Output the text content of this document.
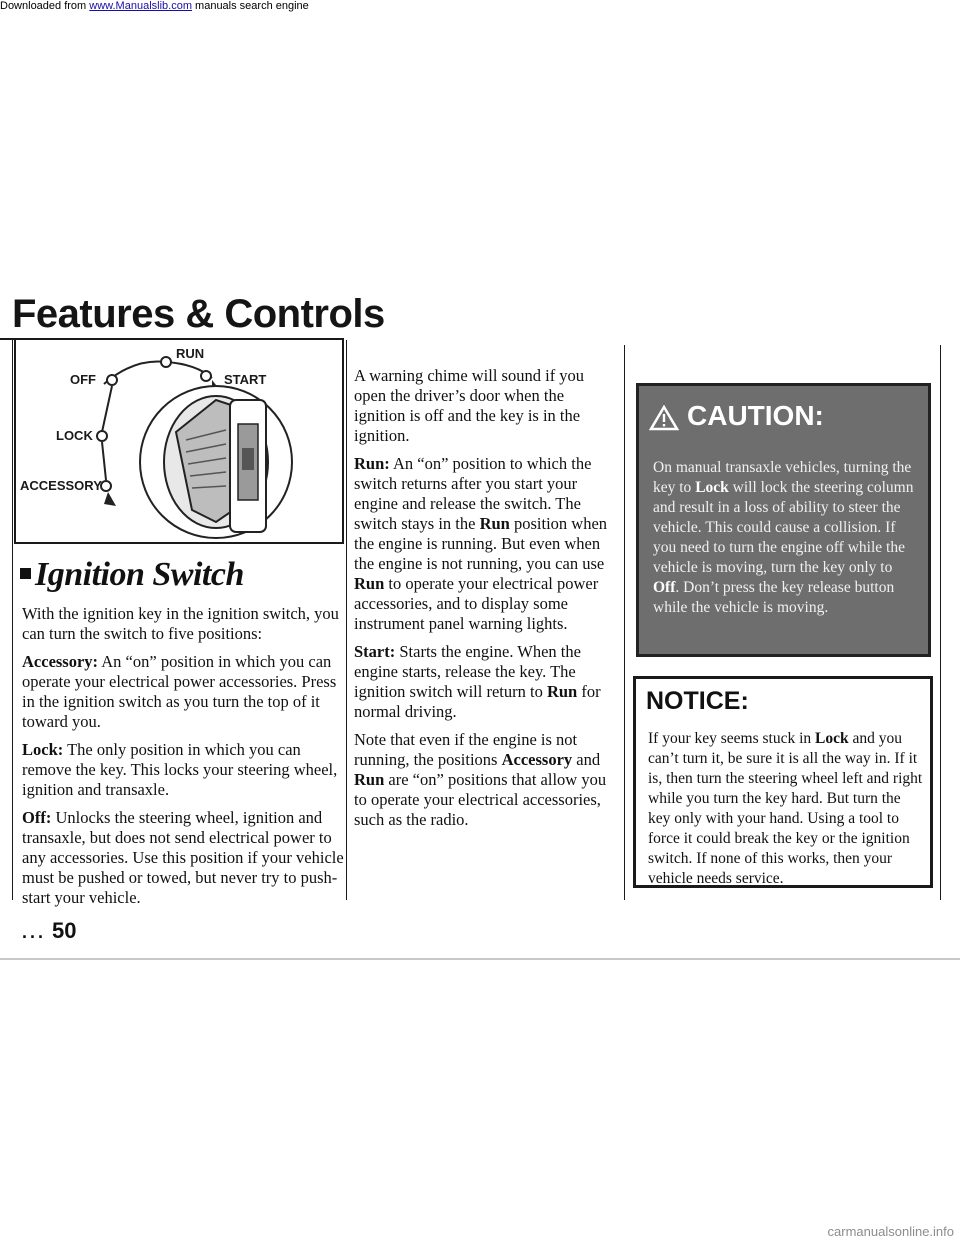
Downloaded from www.Manualslib.com manuals search engine
Features & Controls
RUN
OFF	START
LOCK
ACCESSORY
Ignition Switch

With the ignition key in the ignition switch, you can turn the switch to five positions:

Accessory: An “on” position in which you can operate your electrical power accessories. Press in the ignition switch as you turn the top of it toward you.

Lock: The only position in which you can remove the key. This locks your steering wheel, ignition and transaxle.

Off: Unlocks the steering wheel, ignition and transaxle, but does not send electrical power to any accessories. Use this position if your vehicle must be pushed or towed, but never try to push-start your vehicle.

A warning chime will sound if you open the driver’s door when the ignition is off and the key is in the ignition.

Run: An “on” position to which the switch returns after you start your engine and release the switch. The switch stays in the Run position when the engine is running. But even when the engine is not running, you can use Run to operate your electrical power accessories, and to display some instrument panel warning lights.

Start: Starts the engine. When the engine starts, release the key. The ignition switch will return to Run for normal driving.

Note that even if the engine is not running, the positions Accessory and Run are “on” positions that allow you to operate your electrical accessories, such as the radio.

CAUTION:
On manual transaxle vehicles, turning the key to Lock will lock the steering column and result in a loss of ability to steer the vehicle. This could cause a collision. If you need to turn the engine off while the vehicle is moving, turn the key only to Off. Don’t press the key release button while the vehicle is moving.
NOTICE:
If your key seems stuck in Lock and you can’t turn it, be sure it is all the way in. If it is, then turn the steering wheel left and right while you turn the key hard. But turn the key only with your hand. Using a tool to force it could break the key or the ignition switch. If none of this works, then your vehicle needs service.
... 50
carmanualsonline.info
